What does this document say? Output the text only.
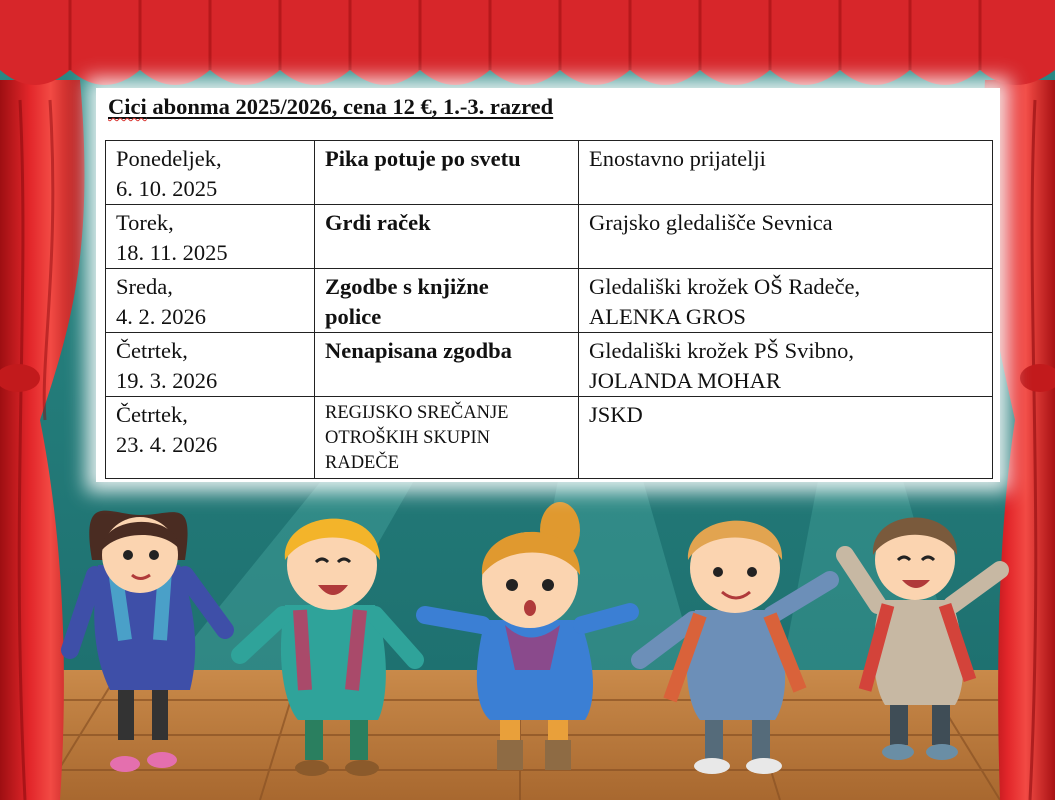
Cici abonma 2025/2026, cena 12 €, 1.-3. razred
Ponedeljek,
6. 10. 2025	Pika potuje po svetu	Enostavno prijatelji
Torek,
18. 11. 2025	Grdi raček	Grajsko gledališče Sevnica
Sreda,
4. 2. 2026	Zgodbe s knjižne
police	Gledališki krožek OŠ Radeče,
ALENKA GROS
Četrtek,
19. 3. 2026	Nenapisana zgodba	Gledališki krožek PŠ Svibno,
JOLANDA MOHAR
Četrtek,
23. 4. 2026	REGIJSKO SREČANJE
OTROŠKIH SKUPIN
RADEČE	JSKD
